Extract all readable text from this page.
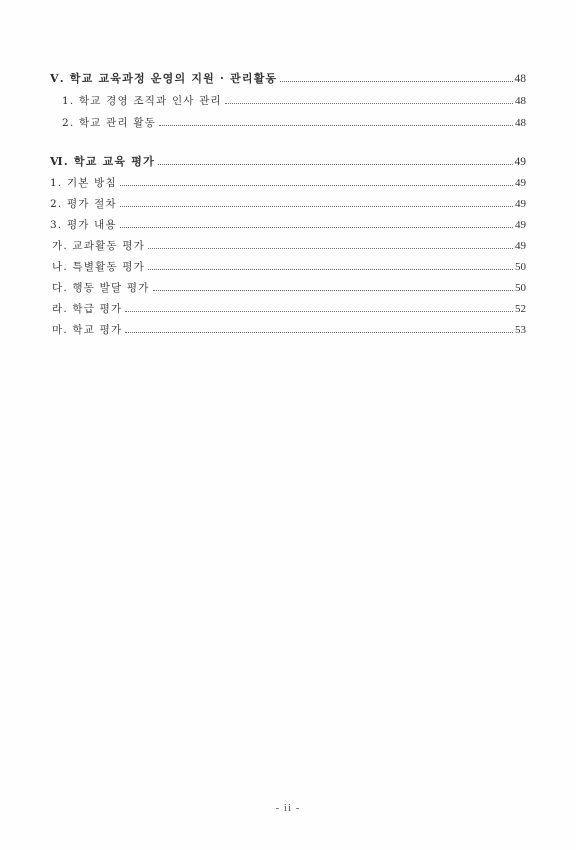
Ⅴ. 학교 교육과정 운영의 지원 · 관리활동	48
1. 학교 경영 조직과 인사 관리	48
2. 학교 관리 활동	48
Ⅵ. 학교 교육 평가	49
1. 기본 방침	49
2. 평가 절차	49
3. 평가 내용	49
가. 교과활동 평가	49
나. 특별활동 평가	50
다. 행동 발달 평가	50
라. 학급 평가	52
마. 학교 평가	53
- ii -
